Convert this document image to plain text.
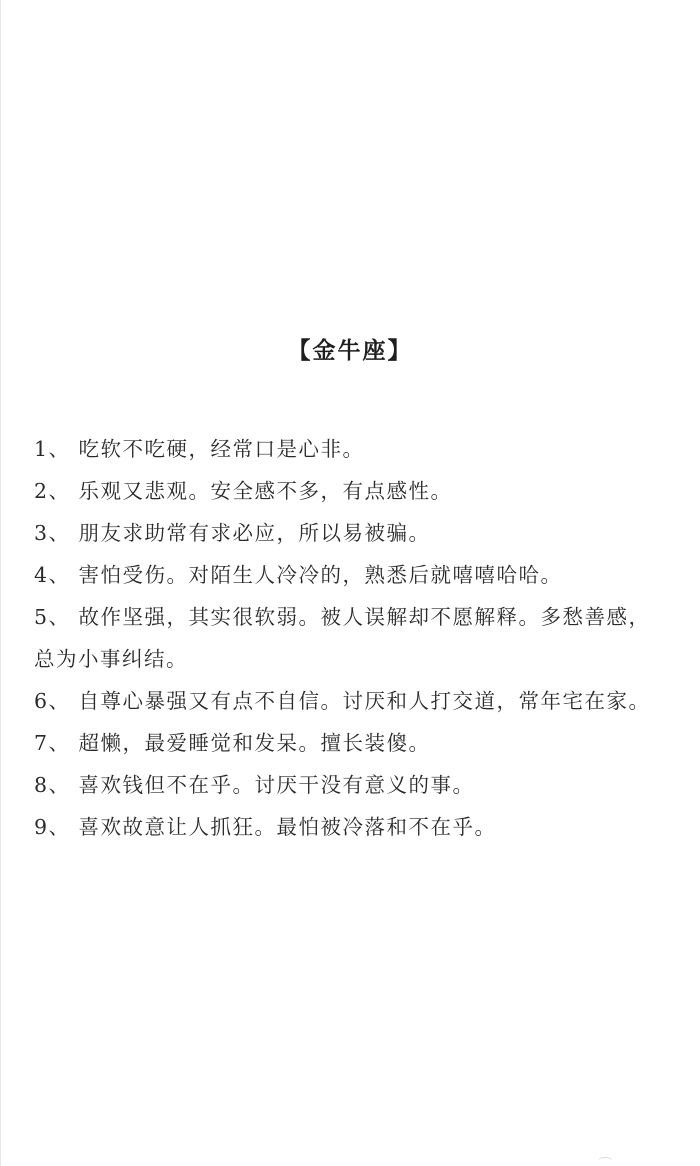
【金牛座】
1、 吃软不吃硬，经常口是心非。
2、 乐观又悲观。安全感不多，有点感性。
3、 朋友求助常有求必应，所以易被骗。
4、 害怕受伤。对陌生人冷冷的，熟悉后就嘻嘻哈哈。
5、 故作坚强，其实很软弱。被人误解却不愿解释。多愁善感，总为小事纠结。
6、 自尊心暴强又有点不自信。讨厌和人打交道，常年宅在家。
7、 超懒，最爱睡觉和发呆。擅长装傻。
8、 喜欢钱但不在乎。讨厌干没有意义的事。
9、 喜欢故意让人抓狂。最怕被冷落和不在乎。
